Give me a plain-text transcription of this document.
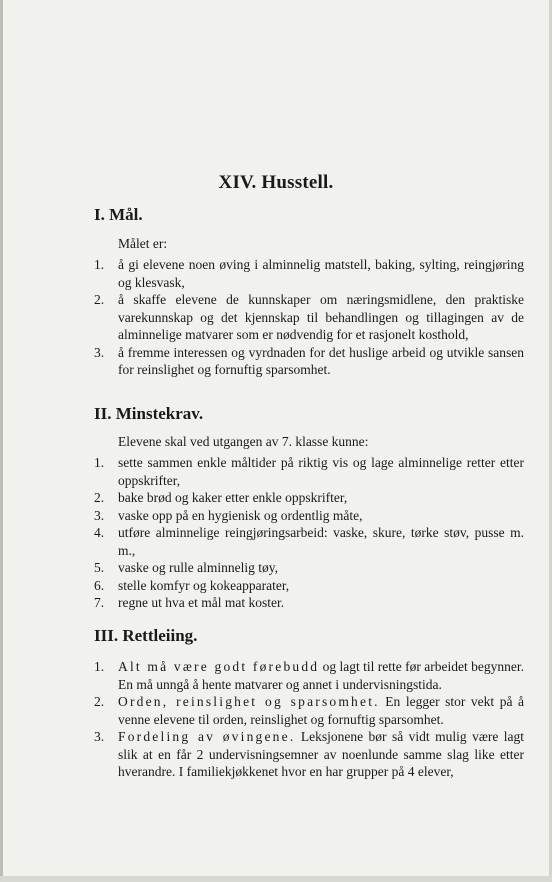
XIV. Husstell.
I. Mål.

Målet er:

1. å gi elevene noen øving i alminnelig matstell, baking, sylting, reingjøring og klesvask,
2. å skaffe elevene de kunnskaper om næringsmidlene, den praktiske varekunnskap og det kjennskap til behandlingen og tillagingen av de alminnelige matvarer som er nødvendig for et rasjonelt kosthold,
3. å fremme interessen og vyrdnaden for det huslige arbeid og utvikle sansen for reinslighet og fornuftig sparsomhet.
II. Minstekrav.

Elevene skal ved utgangen av 7. klasse kunne:

1. sette sammen enkle måltider på riktig vis og lage alminnelige retter etter oppskrifter,
2. bake brød og kaker etter enkle oppskrifter,
3. vaske opp på en hygienisk og ordentlig måte,
4. utføre alminnelige reingjøringsarbeid: vaske, skure, tørke støv, pusse m. m.,
5. vaske og rulle alminnelig tøy,
6. stelle komfyr og kokeapparater,
7. regne ut hva et mål mat koster.
III. Rettleiing.
1. Alt må være godt førebudd og lagt til rette før arbeidet begynner. En må unngå å hente matvarer og annet i undervisningstida.
2. Orden, reinslighet og sparsomhet. En legger stor vekt på å venne elevene til orden, reinslighet og fornuftig sparsomhet.
3. Fordeling av øvingene. Leksjonene bør så vidt mulig være lagt slik at en får 2 undervisningsemner av noenlunde samme slag like etter hverandre. I familiekjøkkenet hvor en har grupper på 4 elever,
